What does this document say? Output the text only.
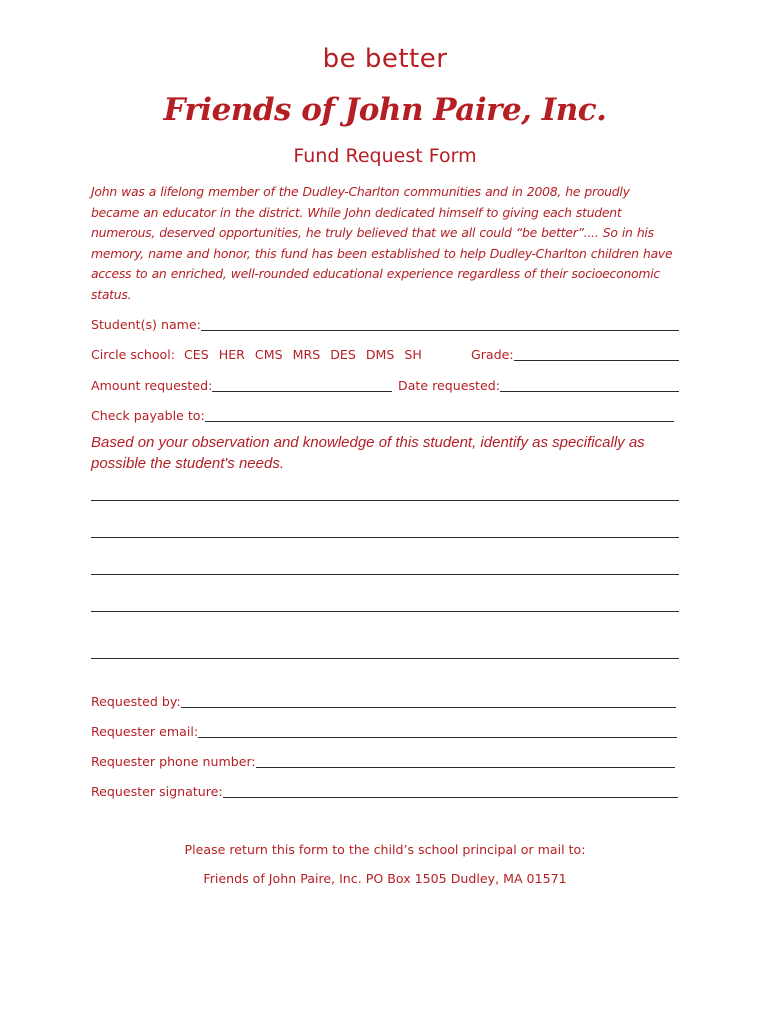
be better
Friends of John Paire, Inc.
Fund Request Form
John was a lifelong member of the Dudley-Charlton communities and in 2008, he proudly became an educator in the district. While John dedicated himself to giving each student numerous, deserved opportunities, he truly believed that we all could “be better”.... So in his memory, name and honor, this fund has been established to help Dudley-Charlton children have access to an enriched, well-rounded educational experience regardless of their socioeconomic status.
Student(s) name:
Circle school: CES HER CMS MRS DES DMS SH	Grade:
Amount requested:	Date requested:
Check payable to:
Based on your observation and knowledge of this student, identify as specifically as possible the student's needs.
Requested by:
Requester email:
Requester phone number:
Requester signature:
Please return this form to the child’s school principal or mail to:
Friends of John Paire, Inc. PO Box 1505 Dudley, MA 01571
